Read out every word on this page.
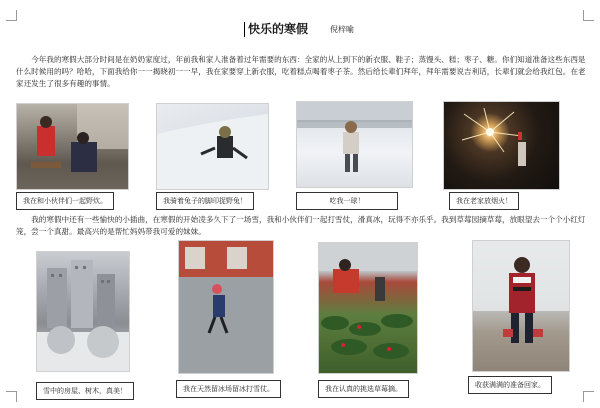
快乐的寒假	倪梓喻

今年我的寒假大部分时间是在奶奶家度过，年前我和家人准备着过年需要的东西：全家的从上到下的新衣服、鞋子；蒸馒头、糕；枣子、糖。你们知道准备这些东西是什么时候用的吗？哈哈，下面我给你一一揭晓初一一早，我在家要穿上新衣服，吃着糕点喝着枣子茶。然后给长辈们拜年，拜年需要说吉利话，长辈们就会给我红包。在老家还发生了很多有趣的事情。

我在和小伙伴们一起野炊。	我骑着兔子的脚印捉野兔！	吃我一球！	我在老家放烟火！

我的寒假中还有一些愉快的小插曲，在寒假的开始凌多久下了一场雪，我和小伙伴们一起打雪仗，滑真冰，玩得不亦乐乎。我到草莓园摘草莓，放眼望去一个个小红灯笼，尝一个真甜。最高兴的是帮忙妈妈带我可爱的妹妹。

雪中的房屋、树木，真美！	我在天然留冰场留冰打雪仗。	我在认真的挑选草莓摘。	收获满满的准备回家。
